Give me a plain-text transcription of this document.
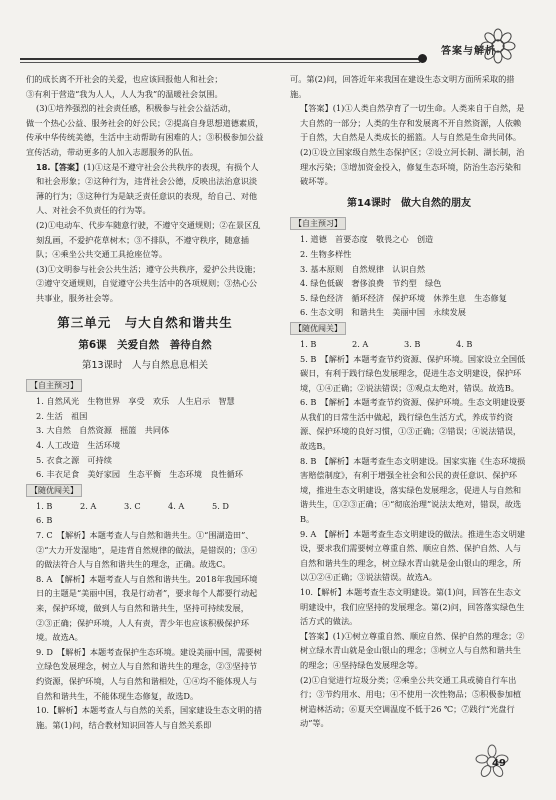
答案与解析

们的成长离不开社会的关爱，也应该回报他人和社会；

③有利于营造“我为人人，人人为我”的温暖社会氛围。

(3)①培养强烈的社会责任感，积极参与社会公益活动，

做一个热心公益、服务社会的好公民；②提高自身思想道德素质，传承中华传统美德，生活中主动帮助有困难的人；③积极参加公益宣传活动，带动更多的人加入志愿服务的队伍。

18.【答案】(1)①这是不遵守社会公共秩序的表现，有损个人和社会形象；②这种行为，违背社会公德，反映出法治意识淡薄的行为；③这种行为是缺乏责任意识的表现，给自己、对他人、对社会不负责任的行为等。

(2)①电动车、代步车随意行驶，不遵守交通规则；②在景区乱刻乱画，不爱护花草树木；③不排队，不遵守秩序，随意插队；④乘坐公共交通工具抢座位等。

(3)①文明参与社会公共生活；遵守公共秩序，爱护公共设施；②遵守交通规则，自觉遵守公共生活中的各项规则；③热心公共事业，服务社会等。

第三单元　与大自然和谐共生
第6课　关爱自然　善待自然
第13课时　人与自然息息相关
【自主预习】

1. 自然风光　生物世界　享受　欢乐　人生启示　智慧

2. 生活　祖国

3. 大自然　自然资源　摇篮　共同体

4. 人工改造　生活环境

5. 衣食之源　可持续

6. 丰衣足食　美好家园　生态平衡　生态环境　良性循环

【随优闯关】

1. B	2. A	3. C	4. A	5. D6. B

7. C　【解析】本题考查人与自然和谐共生。①“围湖造田”、②“大力开发湿地”，是违背自然规律的做法，是错误的；③④的做法符合人与自然和谐共生的理念，正确。故选C。

8. A　【解析】本题考查人与自然和谐共生。2018年我国环境日的主题是“美丽中国，我是行动者”，要求每个人都要行动起来，保护环境，做到人与自然和谐共生，坚持可持续发展，②③正确；保护环境，人人有责，青少年也应该积极保护环境。故选A。

9. D　【解析】本题考查保护生态环境。建设美丽中国，需要树立绿色发展理念，树立人与自然和谐共生的理念，②③坚持节约资源，保护环境，人与自然和谐相处，①④均不能体现人与自然和谐共生，不能体现生态修复，故选D。

10.【解析】本题考查人与自然的关系，国家建设生态文明的措施。第(1)问，结合教材知识回答人与自然关系即

可。第(2)问，回答近年来我国在建设生态文明方面所采取的措施。

【答案】(1)①人类自然孕育了一切生命。人类来自于自然，是大自然的一部分；人类的生存和发展离不开自然资源，人依赖于自然，大自然是人类成长的摇篮。人与自然是生命共同体。

(2)①设立国家级自然生态保护区；②设立河长制、湖长制，治理水污染；③增加资金投入，修复生态环境，防治生态污染和破坏等。

第14课时　做大自然的朋友
【自主预习】

1. 道德　首要态度　敬畏之心　创造

2. 生物多样性

3. 基本原则　自然规律　认识自然

4. 绿色低碳　奢侈浪费　节约型　绿色

5. 绿色经济　循环经济　保护环境　休养生息　生态修复

6. 生态文明　和谐共生　美丽中国　永续发展

【随优闯关】

1. B	2. A	3. B	4. B

5. B　【解析】本题考查节约资源、保护环境。国家设立全国低碳日，有利于践行绿色发展理念，促进生态文明建设，保护环境，①④正确；②说法错误；③观点太绝对，错误。故选B。

6. B　【解析】本题考查节约资源、保护环境。生态文明建设要从我们的日常生活中做起，践行绿色生活方式，养成节约资源、保护环境的良好习惯，①③正确；②错误；④说法错误，故选B。

8. B　【解析】本题考查生态文明建设。国家实施《生态环境损害赔偿制度》，有利于增强全社会和公民的责任意识、保护环境，推进生态文明建设，落实绿色发展理念，促进人与自然和谐共生，①②③正确；④“彻底治理”说法太绝对，错误，故选B。

9. A　【解析】本题考查生态文明建设的做法。推进生态文明建设，要求我们需要树立尊重自然、顺应自然、保护自然、人与自然和谐共生的理念，树立绿水青山就是金山银山的理念，所以①②④正确；③说法错误。故选A。

10.【解析】本题考查生态文明建设。第(1)问，回答在生态文明建设中，我们应坚持的发展理念。第(2)问，回答落实绿色生活方式的做法。

【答案】(1)①树立尊重自然、顺应自然、保护自然的理念；②树立绿水青山就是金山银山的理念；③树立人与自然和谐共生的理念；④坚持绿色发展理念等。

(2)①自觉进行垃圾分类；②乘坐公共交通工具或骑自行车出行；③节约用水、用电；④不使用一次性物品；⑤积极参加植树造林活动；⑥夏天空调温度不低于26 ℃；⑦践行“光盘行动”等。

49
